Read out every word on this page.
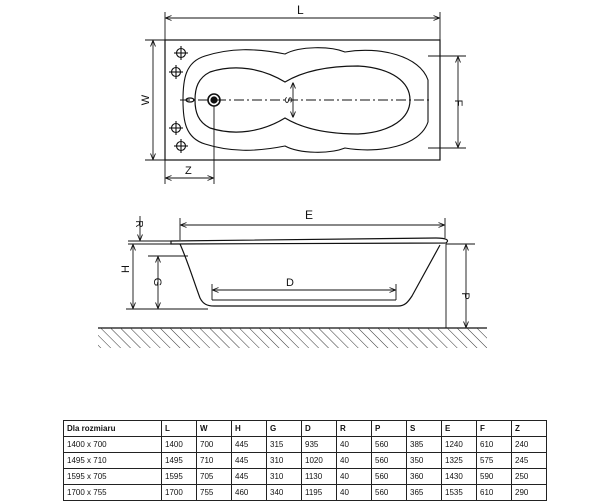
L
W	F
S
Z
E
R
H
G	D
P
Dla rozmiaru	L	W	H	G	D	R	P	S	E	F	Z
1400 x 700	1400	700	445	315	935	40	560	385	1240	610	240
1495 x 710	1495	710	445	310	1020	40	560	350	1325	575	245
1595 x 705	1595	705	445	310	1130	40	560	360	1430	590	250
1700 x 755	1700	755	460	340	1195	40	560	365	1535	610	290
